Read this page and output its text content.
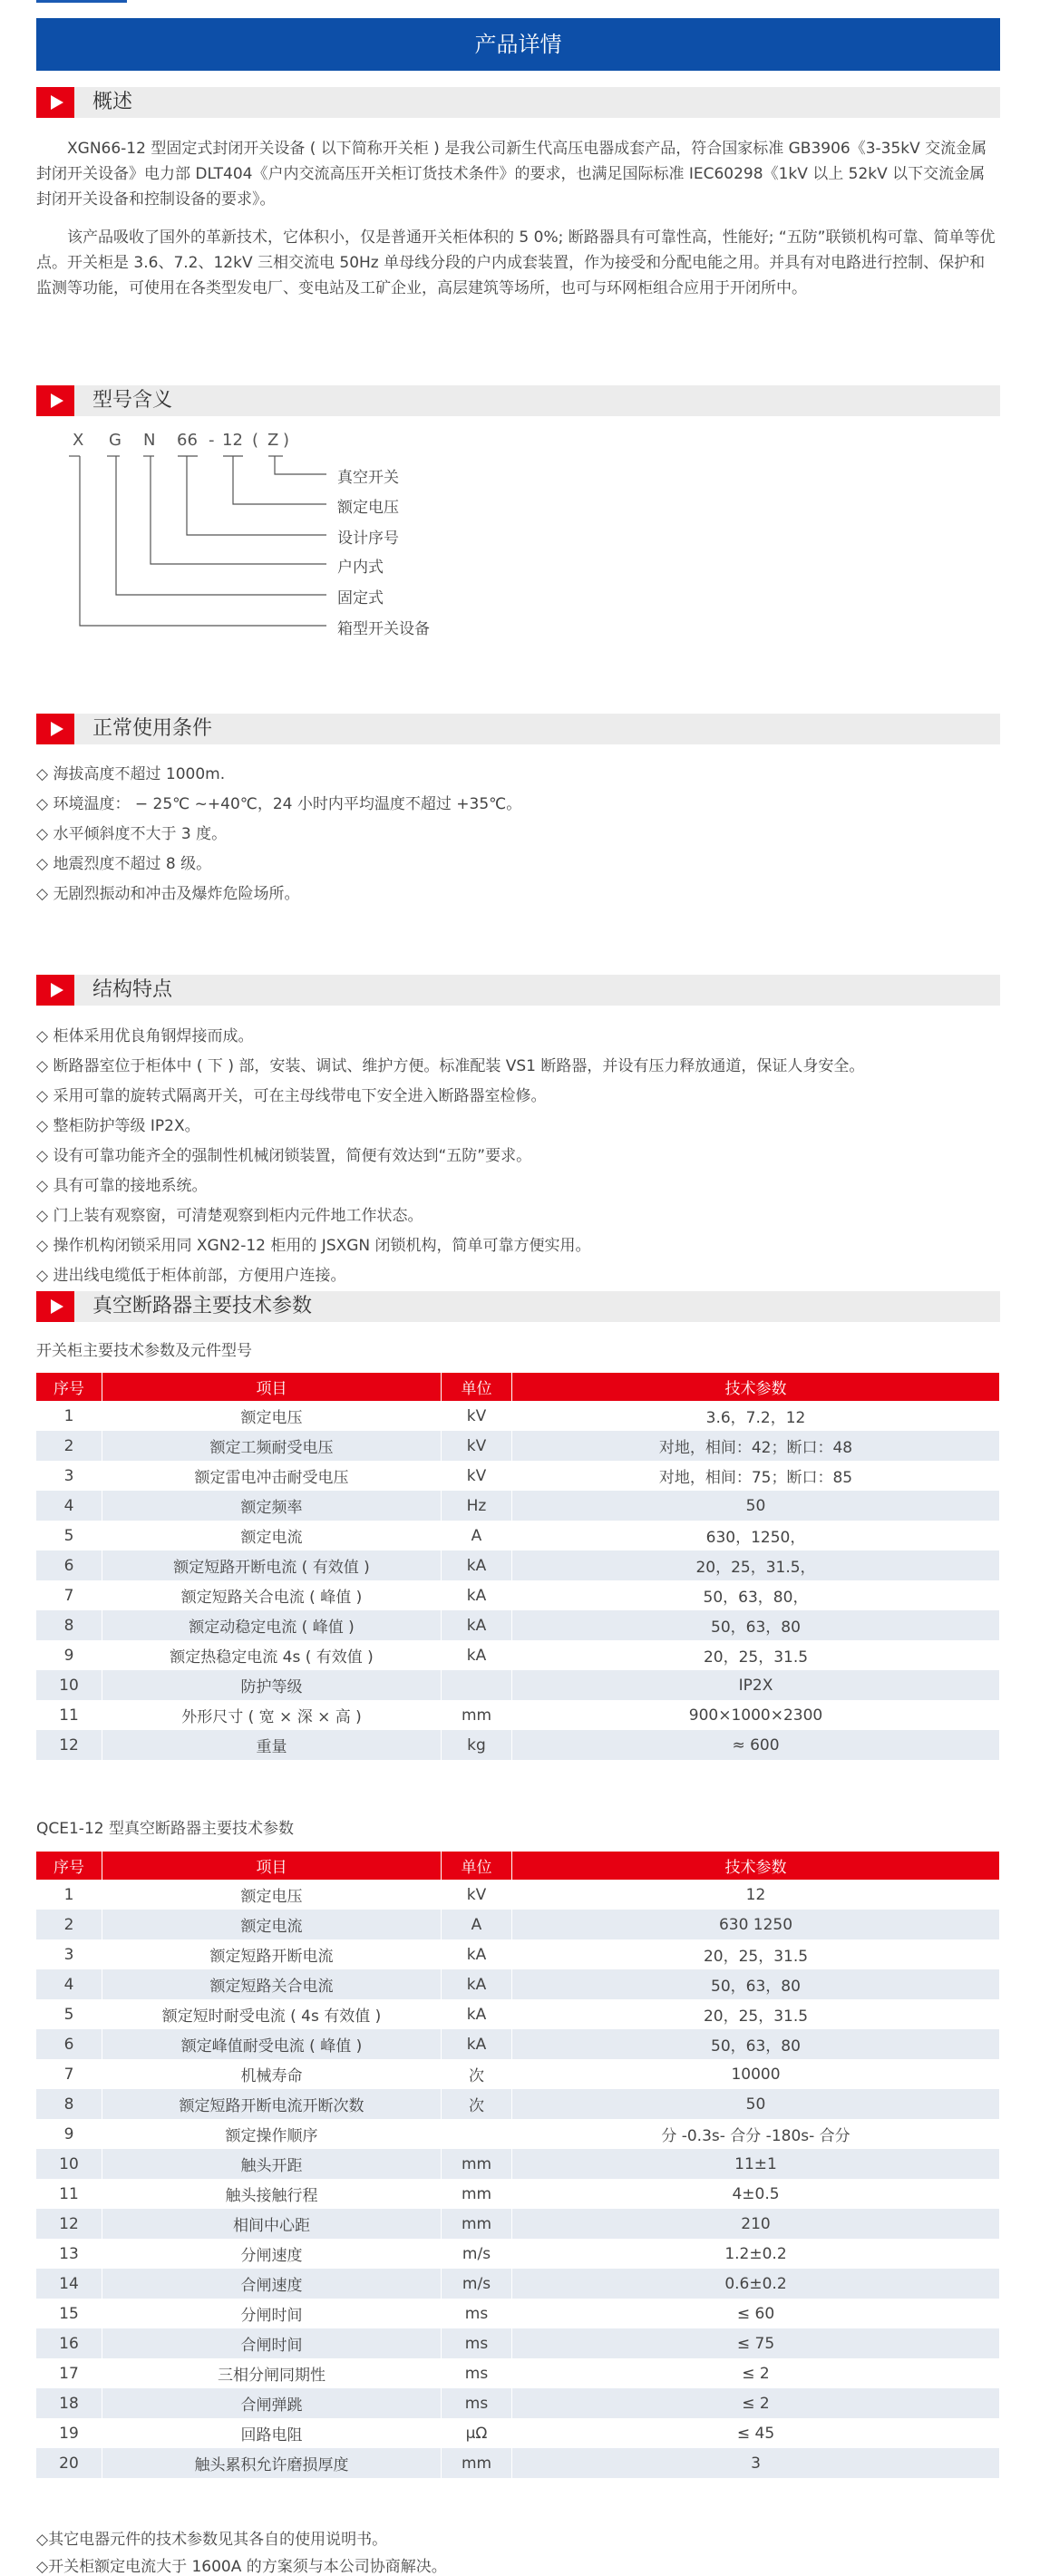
产品详情
概述

XGN66-12 型固定式封闭开关设备 ( 以下简称开关柜 ) 是我公司新生代高压电器成套产品，符合国家标准 GB3906《3-35kV 交流金属封闭开关设备》电力部 DLT404《户内交流高压开关柜订货技术条件》的要求，也满足国际标准 IEC60298《1kV 以上 52kV 以下交流金属封闭开关设备和控制设备的要求》。

该产品吸收了国外的革新技术，它体积小，仅是普通开关柜体积的 5 0%; 断路器具有可靠性高，性能好; “五防”联锁机构可靠、简单等优点。开关柜是 3.6、7.2、12kV 三相交流电 50Hz 单母线分段的户内成套装置，作为接受和分配电能之用。并具有对电路进行控制、保护和监测等功能，可使用在各类型发电厂、变电站及工矿企业，高层建筑等场所，也可与环网柜组合应用于开闭所中。

型号含义
X G N 66 - 12 ( Z )
真空开关
额定电压
设计序号
户内式
固定式
箱型开关设备
正常使用条件
◇ 海拔高度不超过 1000m.
◇ 环境温度： − 25℃ ~+40℃，24 小时内平均温度不超过 +35℃。
◇ 水平倾斜度不大于 3 度。
◇ 地震烈度不超过 8 级。
◇ 无剧烈振动和冲击及爆炸危险场所。
结构特点
◇ 柜体采用优良角钢焊接而成。
◇ 断路器室位于柜体中 ( 下 ) 部，安装、调试、维护方便。标准配装 VS1 断路器，并设有压力释放通道，保证人身安全。
◇ 采用可靠的旋转式隔离开关，可在主母线带电下安全进入断路器室检修。
◇ 整柜防护等级 IP2X。
◇ 设有可靠功能齐全的强制性机械闭锁装置，简便有效达到“五防”要求。
◇ 具有可靠的接地系统。
◇ 门上装有观察窗，可清楚观察到柜内元件地工作状态。
◇ 操作机构闭锁采用同 XGN2-12 柜用的 JSXGN 闭锁机构，简单可靠方便实用。
◇ 进出线电缆低于柜体前部，方便用户连接。
真空断路器主要技术参数
开关柜主要技术参数及元件型号
序号	项目	单位	技术参数
1	额定电压	kV	3.6，7.2，12
2	额定工频耐受电压	kV	对地，相间：42；断口：48
3	额定雷电冲击耐受电压	kV	对地，相间：75；断口：85
4	额定频率	Hz	50
5	额定电流	A	630，1250，
6	额定短路开断电流 ( 有效值 )	kA	20，25，31.5，
7	额定短路关合电流 ( 峰值 )	kA	50，63，80，
8	额定动稳定电流 ( 峰值 )	kA	50，63，80
9	额定热稳定电流 4s ( 有效值 )	kA	20，25，31.5
10	防护等级		IP2X
11	外形尺寸 ( 宽 × 深 × 高 )	mm	900×1000×2300
12	重量	kg	≈ 600
QCE1-12 型真空断路器主要技术参数
序号	项目	单位	技术参数
1	额定电压	kV	12
2	额定电流	A	630 1250
3	额定短路开断电流	kA	20，25，31.5
4	额定短路关合电流	kA	50，63，80
5	额定短时耐受电流 ( 4s 有效值 )	kA	20，25，31.5
6	额定峰值耐受电流 ( 峰值 )	kA	50，63，80
7	机械寿命	次	10000
8	额定短路开断电流开断次数	次	50
9	额定操作顺序		分 -0.3s- 合分 -180s- 合分
10	触头开距	mm	11±1
11	触头接触行程	mm	4±0.5
12	相间中心距	mm	210
13	分闸速度	m/s	1.2±0.2
14	合闸速度	m/s	0.6±0.2
15	分闸时间	ms	≤ 60
16	合闸时间	ms	≤ 75
17	三相分闸同期性	ms	≤ 2
18	合闸弹跳	ms	≤ 2
19	回路电阻	μΩ	≤ 45
20	触头累积允许磨损厚度	mm	3
◇其它电器元件的技术参数见其各自的使用说明书。
◇开关柜额定电流大于 1600A 的方案须与本公司协商解决。
